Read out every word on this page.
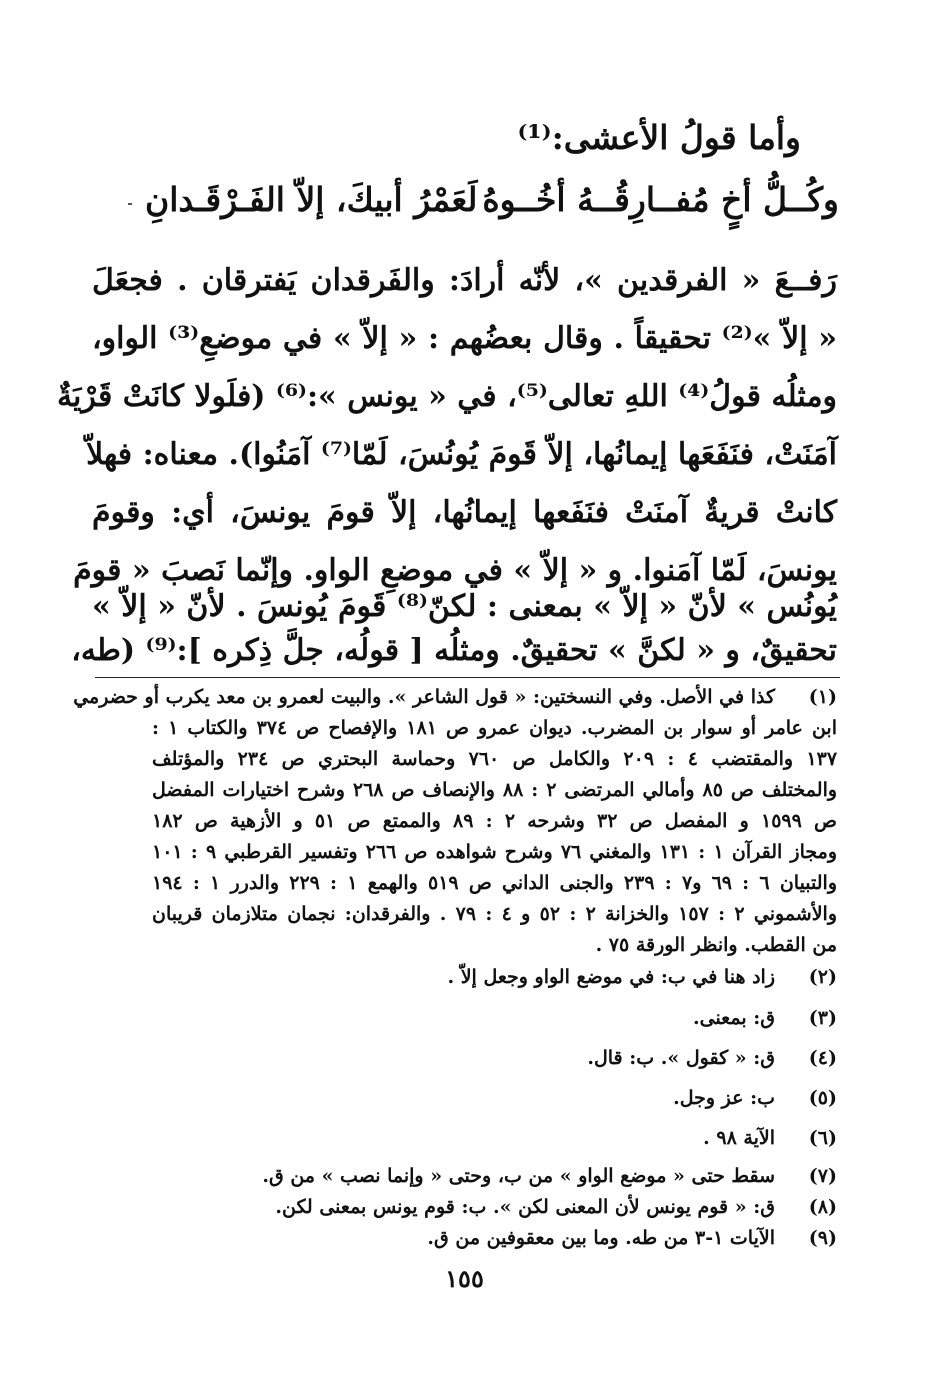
وأما قولُ الأعشى:⁽¹⁾
وكُــلُّ أخٍ مُفــارِقُــهُ أخُــوهُ
لَعَمْرُ أبيكَ، إلاّ الفَـرْقَـدانِ
رَفــعَ « الفرقدين »، لأنّه أرادَ: والفَرقدان يَفترقان . فجعَلَ
« إلاّ »⁽²⁾ تحقيقاً . وقال بعضُهم : « إلاّ » في موضعِ⁽³⁾ الواو،
ومثلُه قولُ⁽⁴⁾ اللهِ تعالى⁽⁵⁾، في « يونس »:⁽⁶⁾ (فلَولا كانَتْ قَرْيَةٌ
آمَنَتْ، فنَفَعَها إيمانُها، إلاّ قَومَ يُونُسَ، لَمّا⁽⁷⁾ آمَنُوا). معناه: فهلاّ
كانتْ قريةٌ آمنَتْ فنَفَعها إيمانُها، إلاّ قومَ يونسَ، أي: وقومَ
يونسَ، لَمّا آمَنوا. و « إلاّ » في موضعِ الواو. وإنّما نَصبَ « قومَ
يُونُس » لأنّ « إلاّ » بمعنى : لكنّ⁽⁸⁾ قَومَ يُونسَ . لأنّ « إلاّ »
تحقيقٌ، و « لكنَّ » تحقيقٌ. ومثلُه [ قولُه، جلَّ ذِكره ]:⁽⁹⁾ (طه،
(١)
كذا في الأصل. وفي النسختين: « قول الشاعر ». والبيت لعمرو بن معد يكرب أو حضرمي
ابن عامر أو سوار بن المضرب. ديوان عمرو ص ١٨١ والإفصاح ص ٣٧٤ والكتاب ١ :
١٣٧ والمقتضب ٤ : ٢٠٩ والكامل ص ٧٦٠ وحماسة البحتري ص ٢٣٤ والمؤتلف
والمختلف ص ٨٥ وأمالي المرتضى ٢ : ٨٨ والإنصاف ص ٢٦٨ وشرح اختيارات المفضل
ص ١٥٩٩ و المفصل ص ٣٢ وشرحه ٢ : ٨٩ والممتع ص ٥١ و الأزهية ص ١٨٢
ومجاز القرآن ١ : ١٣١ والمغني ٧٦ وشرح شواهده ص ٢٦٦ وتفسير القرطبي ٩ : ١٠١
والتبيان ٦ : ٦٩ و٧ : ٢٣٩ والجنى الداني ص ٥١٩ والهمع ١ : ٢٢٩ والدرر ١ : ١٩٤
والأشموني ٢ : ١٥٧ والخزانة ٢ : ٥٢ و ٤ : ٧٩ . والفرقدان: نجمان متلازمان قريبان
من القطب. وانظر الورقة ٧٥ .
(٢)
زاد هنا في ب: في موضع الواو وجعل إلاّ .
(٣)
ق: بمعنى.
(٤)
ق: « كقول ». ب: قال.
(٥)
ب: عز وجل.
(٦)
الآية ٩٨ .
(٧)
سقط حتى « موضع الواو » من ب، وحتى « وإنما نصب » من ق.
(٨)
ق: « قوم يونس لأن المعنى لكن ». ب: قوم يونس بمعنى لكن.
(٩)
الآيات ١-٣ من طه. وما بين معقوفين من ق.
١٥٥
